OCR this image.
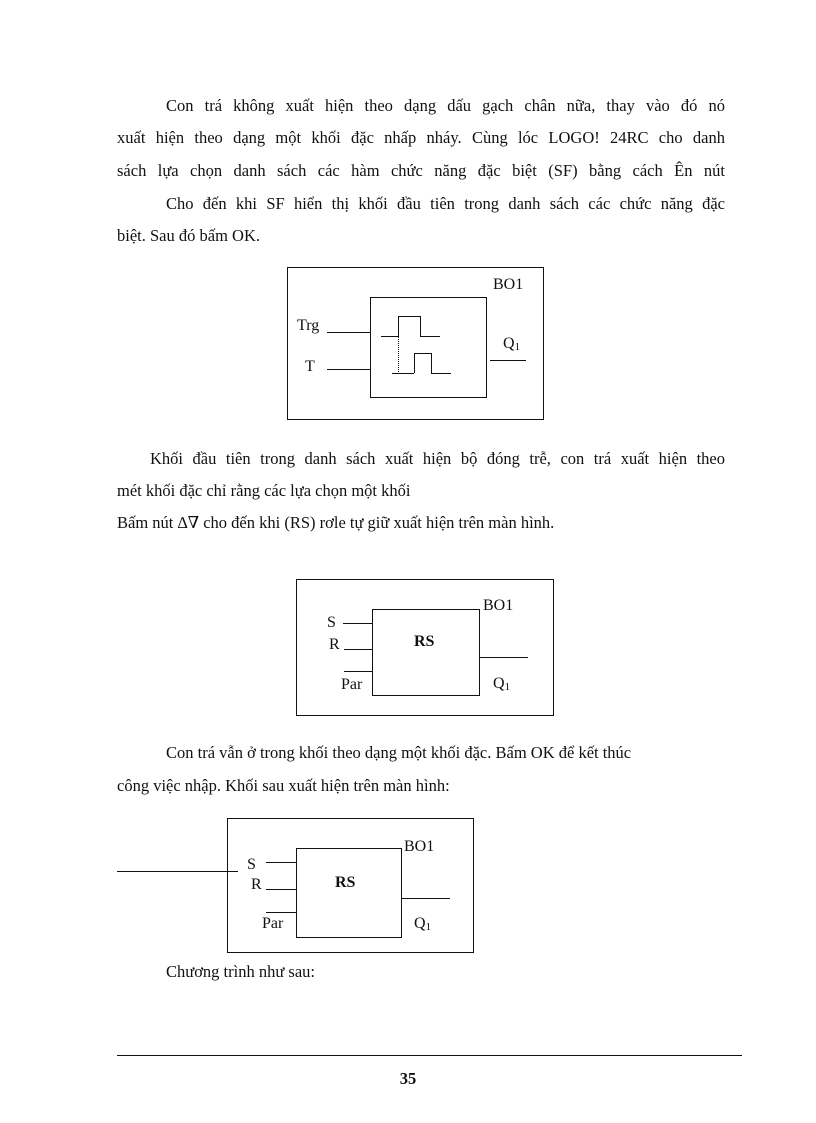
Con trá không xuất hiện theo dạng dấu gạch chân nữa, thay vào đó nó
xuất hiện theo dạng một khối đặc nhấp nháy. Cùng lóc LOGO! 24RC cho danh
sách lựa chọn danh sách các hàm chức năng đặc biệt (SF) bằng cách Ên nút
Cho đến khi SF hiển thị khối đầu tiên trong danh sách các chức năng đặc
biệt. Sau đó bấm OK.
BO1
Trg
T
Q1
Khối đầu tiên trong danh sách xuất hiện bộ đóng trễ, con trá xuất hiện theo
mét khối đặc chỉ rằng các lựa chọn một khối
Bấm nút ∆∇ cho đến khi (RS) rơle tự giữ xuất hiện trên màn hình.
RS
BO1
S
R
Par	Q1
Con trá vẫn ở trong khối theo dạng một khối đặc. Bấm OK để kết thúc
công việc nhập. Khối sau xuất hiện trên màn hình:
RS
BO1
S
R
Par	Q1
Chương trình như sau:
35
